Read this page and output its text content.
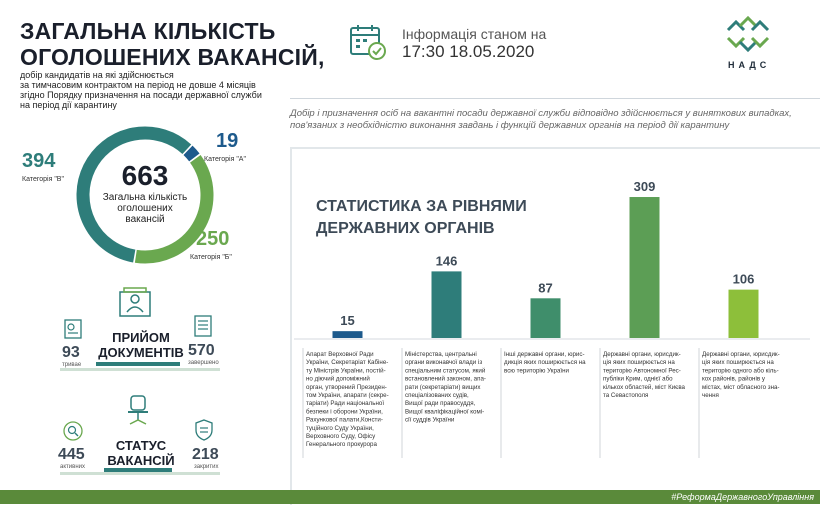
ЗАГАЛЬНА КІЛЬКІСТЬ
ОГОЛОШЕНИХ ВАКАНСІЙ,
добір кандидатів на які здійснюється
за тимчасовим контрактом на період не довше 4 місяців
згідно Порядку призначення на посади державної служби
на період дії карантину
Інформація станом на
17:30 18.05.2020
НАДС
Добір і призначення осіб на вакантні посади державної служби відповідно здійснюється у виняткових випадках,
пов'язаних з необхідністю виконання завдань і функцій державних органів на період дії карантину
663
Загальна кількість
оголошених
вакансій
394
Категорія "В"
19
Категорія "А"
250
Категорія "Б"
ПРИЙОМ
ДОКУМЕНТІВ
93
тривае
570
завершено
СТАТУС
ВАКАНСІЙ
445
активних
218
закритих
СТАТИСТИКА ЗА РІВНЯМИ
ДЕРЖАВНИХ ОРГАНІВ
15
Апарат Верховної Ради України, Секретаріат Кабіне-ту Міністрів України, постій-но діючий допоміжний орган, утворений Президен-том України, апарати (секре-таріати) Ради національної безпеки і оборони України, Рахункової палати,Консти-туційного Суду України, Верховного Суду, Офісу Генерального прокурора
146
Міністерства, центральні органи виконавчої влади із спеціальним статусом, який встановлений законом, апа-рати (секретаріати) вищих спеціалізованих судів, Вищої ради правосуддя, Вищої кваліфікаційної комі-сії суддів України
87
Інші державні органи, юрис-дикція яких поширюється на всю територію України
309
Державні органи, юрисдик-ція яких поширюється на територію Автономної Рес-публіки Крим, однієї або кількох областей, міст Києва та Севастополя
106
Державні органи, юрисдик-ція яких поширюється на територію одного або кіль-кох районів, районів у містах, міст обласного зна-чення
#РеформаДержавногоУправління
